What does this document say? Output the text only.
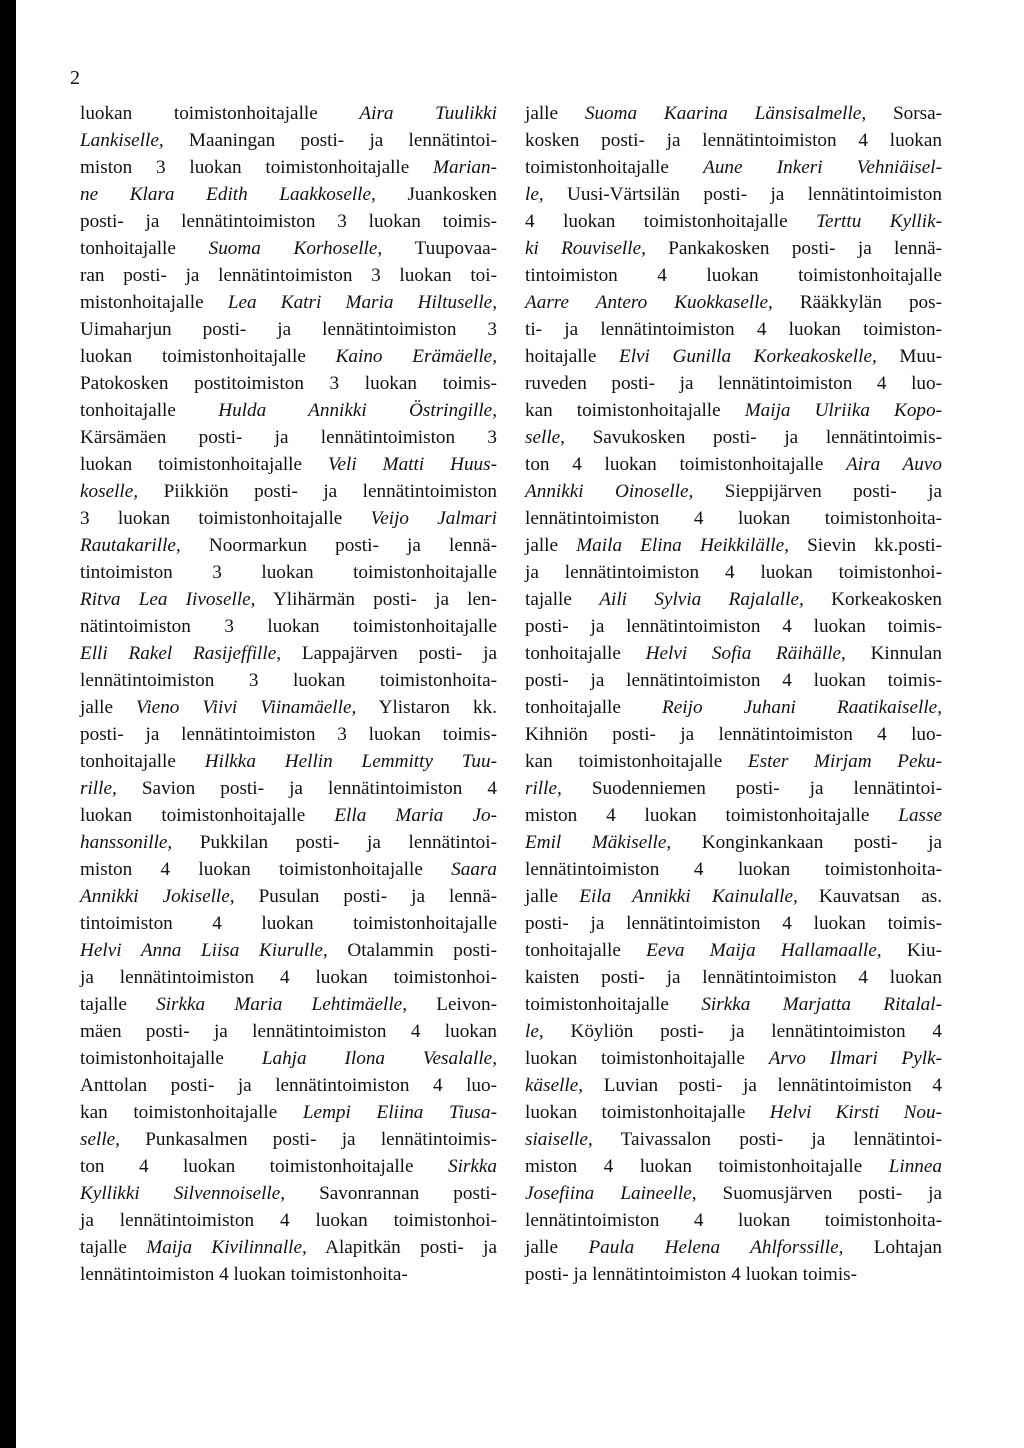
2
luokan toimistonhoitajalle Aira Tuulikki
Lankiselle, Maaningan posti- ja lennätintoi-
miston 3 luokan toimistonhoitajalle Marian-
ne Klara Edith Laakkoselle, Juankosken
posti- ja lennätintoimiston 3 luokan toimis-
tonhoitajalle Suoma Korhoselle, Tuupovaa-
ran posti- ja lennätintoimiston 3 luokan toi-
mistonhoitajalle Lea Katri Maria Hiltuselle,
Uimaharjun posti- ja lennätintoimiston 3
luokan toimistonhoitajalle Kaino Erämäelle,
Patokosken postitoimiston 3 luokan toimis-
tonhoitajalle Hulda Annikki Östringille,
Kärsämäen posti- ja lennätintoimiston 3
luokan toimistonhoitajalle Veli Matti Huus-
koselle, Piikkiön posti- ja lennätintoimiston
3 luokan toimistonhoitajalle Veijo Jalmari
Rautakarille, Noormarkun posti- ja lennä-
tintoimiston 3 luokan toimistonhoitajalle
Ritva Lea Iivoselle, Ylihärmän posti- ja len-
nätintoimiston 3 luokan toimistonhoitajalle
Elli Rakel Rasijeffille, Lappajärven posti- ja
lennätintoimiston 3 luokan toimistonhoita-
jalle Vieno Viivi Viinamäelle, Ylistaron kk.
posti- ja lennätintoimiston 3 luokan toimis-
tonhoitajalle Hilkka Hellin Lemmitty Tuu-
rille, Savion posti- ja lennätintoimiston 4
luokan toimistonhoitajalle Ella Maria Jo-
hanssonille, Pukkilan posti- ja lennätintoi-
miston 4 luokan toimistonhoitajalle Saara
Annikki Jokiselle, Pusulan posti- ja lennä-
tintoimiston 4 luokan toimistonhoitajalle
Helvi Anna Liisa Kiurulle, Otalammin posti-
ja lennätintoimiston 4 luokan toimistonhoi-
tajalle Sirkka Maria Lehtimäelle, Leivon-
mäen posti- ja lennätintoimiston 4 luokan
toimistonhoitajalle Lahja Ilona Vesalalle,
Anttolan posti- ja lennätintoimiston 4 luo-
kan toimistonhoitajalle Lempi Eliina Tiusa-
selle, Punkasalmen posti- ja lennätintoimis-
ton 4 luokan toimistonhoitajalle Sirkka
Kyllikki Silvennoiselle, Savonrannan posti-
ja lennätintoimiston 4 luokan toimistonhoi-
tajalle Maija Kivilinnalle, Alapitkän posti- ja
lennätintoimiston 4 luokan toimistonhoita-
jalle Suoma Kaarina Länsisalmelle, Sorsa-
kosken posti- ja lennätintoimiston 4 luokan
toimistonhoitajalle Aune Inkeri Vehniäisel-
le, Uusi-Värtsilän posti- ja lennätintoimiston
4 luokan toimistonhoitajalle Terttu Kyllik-
ki Rouviselle, Pankakosken posti- ja lennä-
tintoimiston 4 luokan toimistonhoitajalle
Aarre Antero Kuokkaselle, Rääkkylän pos-
ti- ja lennätintoimiston 4 luokan toimiston-
hoitajalle Elvi Gunilla Korkeakoskelle, Muu-
ruveden posti- ja lennätintoimiston 4 luo-
kan toimistonhoitajalle Maija Ulriika Kopo-
selle, Savukosken posti- ja lennätintoimis-
ton 4 luokan toimistonhoitajalle Aira Auvo
Annikki Oinoselle, Sieppijärven posti- ja
lennätintoimiston 4 luokan toimistonhoita-
jalle Maila Elina Heikkilälle, Sievin kk.posti-
ja lennätintoimiston 4 luokan toimistonhoi-
tajalle Aili Sylvia Rajalalle, Korkeakosken
posti- ja lennätintoimiston 4 luokan toimis-
tonhoitajalle Helvi Sofia Räihälle, Kinnulan
posti- ja lennätintoimiston 4 luokan toimis-
tonhoitajalle Reijo Juhani Raatikaiselle,
Kihniön posti- ja lennätintoimiston 4 luo-
kan toimistonhoitajalle Ester Mirjam Peku-
rille, Suodenniemen posti- ja lennätintoi-
miston 4 luokan toimistonhoitajalle Lasse
Emil Mäkiselle, Konginkankaan posti- ja
lennätintoimiston 4 luokan toimistonhoita-
jalle Eila Annikki Kainulalle, Kauvatsan as.
posti- ja lennätintoimiston 4 luokan toimis-
tonhoitajalle Eeva Maija Hallamaalle, Kiu-
kaisten posti- ja lennätintoimiston 4 luokan
toimistonhoitajalle Sirkka Marjatta Ritalal-
le, Köyliön posti- ja lennätintoimiston 4
luokan toimistonhoitajalle Arvo Ilmari Pylk-
käselle, Luvian posti- ja lennätintoimiston 4
luokan toimistonhoitajalle Helvi Kirsti Nou-
siaiselle, Taivassalon posti- ja lennätintoi-
miston 4 luokan toimistonhoitajalle Linnea
Josefiina Laineelle, Suomusjärven posti- ja
lennätintoimiston 4 luokan toimistonhoita-
jalle Paula Helena Ahlforssille, Lohtajan
posti- ja lennätintoimiston 4 luokan toimis-
